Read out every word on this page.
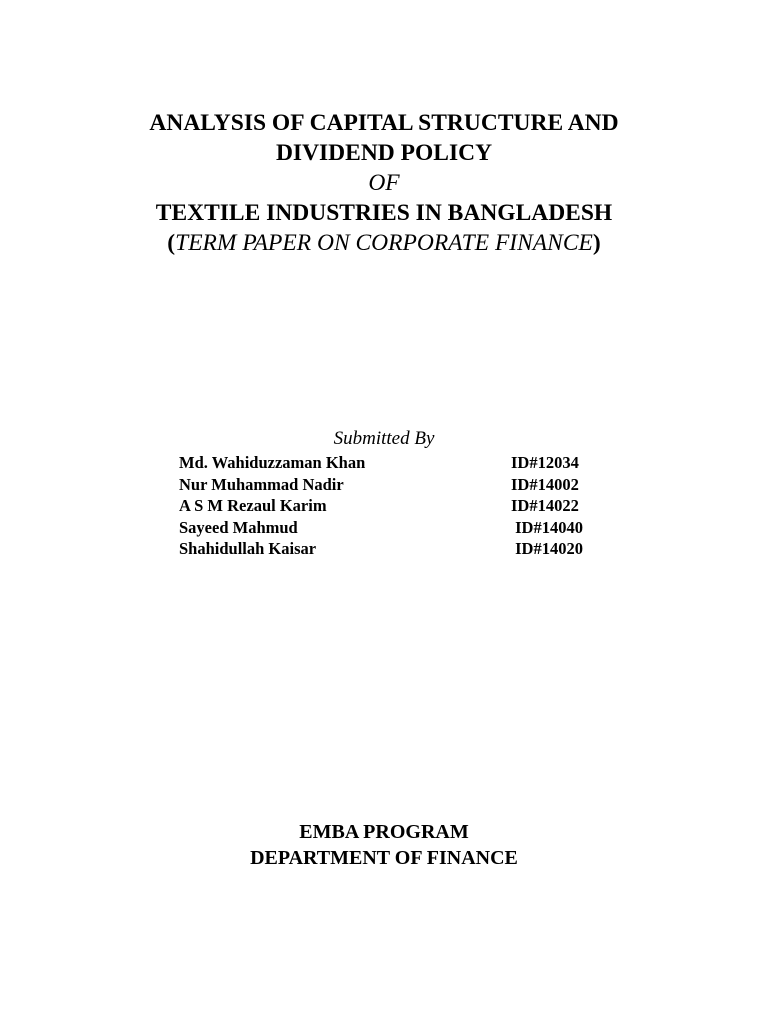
ANALYSIS OF CAPITAL STRUCTURE AND
DIVIDEND POLICY
OF
TEXTILE INDUSTRIES IN BANGLADESH
(TERM PAPER ON CORPORATE FINANCE)
Submitted By
Md. Wahiduzzaman Khan	ID#12034
Nur Muhammad Nadir	ID#14002
A S M Rezaul Karim	ID#14022
Sayeed Mahmud	ID#14040
Shahidullah Kaisar	ID#14020
EMBA PROGRAM
DEPARTMENT OF FINANCE
